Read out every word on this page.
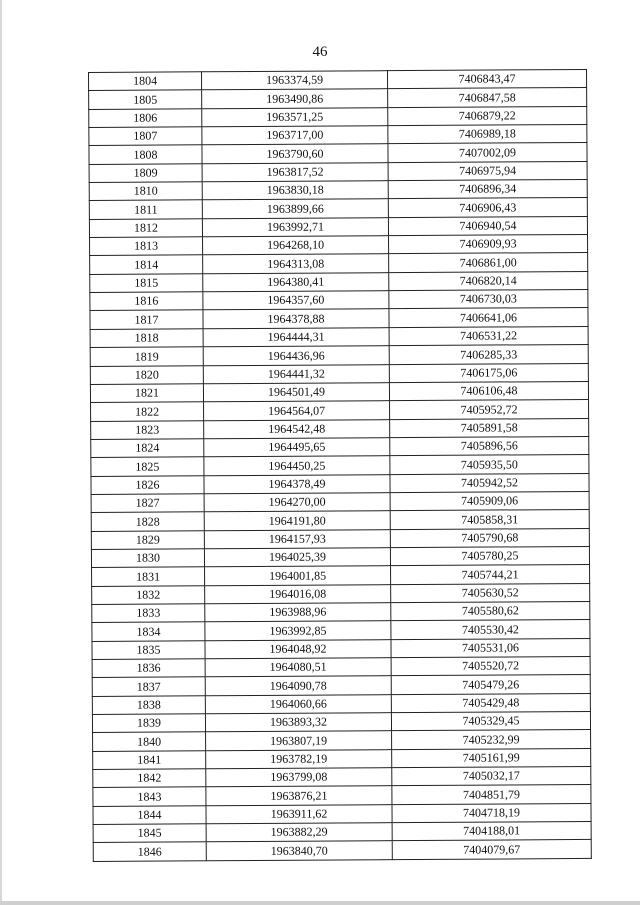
46
1804	1963374,59	7406843,47
1805	1963490,86	7406847,58
1806	1963571,25	7406879,22
1807	1963717,00	7406989,18
1808	1963790,60	7407002,09
1809	1963817,52	7406975,94
1810	1963830,18	7406896,34
1811	1963899,66	7406906,43
1812	1963992,71	7406940,54
1813	1964268,10	7406909,93
1814	1964313,08	7406861,00
1815	1964380,41	7406820,14
1816	1964357,60	7406730,03
1817	1964378,88	7406641,06
1818	1964444,31	7406531,22
1819	1964436,96	7406285,33
1820	1964441,32	7406175,06
1821	1964501,49	7406106,48
1822	1964564,07	7405952,72
1823	1964542,48	7405891,58
1824	1964495,65	7405896,56
1825	1964450,25	7405935,50
1826	1964378,49	7405942,52
1827	1964270,00	7405909,06
1828	1964191,80	7405858,31
1829	1964157,93	7405790,68
1830	1964025,39	7405780,25
1831	1964001,85	7405744,21
1832	1964016,08	7405630,52
1833	1963988,96	7405580,62
1834	1963992,85	7405530,42
1835	1964048,92	7405531,06
1836	1964080,51	7405520,72
1837	1964090,78	7405479,26
1838	1964060,66	7405429,48
1839	1963893,32	7405329,45
1840	1963807,19	7405232,99
1841	1963782,19	7405161,99
1842	1963799,08	7405032,17
1843	1963876,21	7404851,79
1844	1963911,62	7404718,19
1845	1963882,29	7404188,01
1846	1963840,70	7404079,67
